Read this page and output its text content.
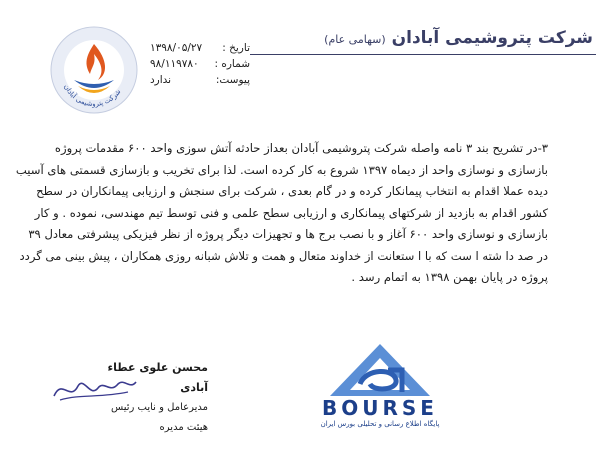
شرکت پتروشیمی آبادان
تاریخ :
۱۳۹۸/۰۵/۲۷
شماره :
۹۸/۱۱۹۷۸۰
پیوست:
ندارد
شرکت پتروشیمی آبادان (سهامی عام)

۳-در تشریح بند ۳ نامه واصله شرکت پتروشیمی آبادان بعداز حادثه آتش سوزی واحد ۶۰۰ مقدمات پروژه

بازسازی و نوسازی واحد از دیماه ۱۳۹۷ شروع به کار کرده است. لذا برای تخریب و بازسازی قسمتی های آسیب

دیده عملا اقدام به انتخاب پیمانکار کرده و در گام بعدی ، شرکت برای سنجش و ارزیابی پیمانکاران در سطح

کشور اقدام به بازدید از شرکتهای پیمانکاری و ارزیابی سطح علمی و فنی توسط تیم مهندسی، نموده . و کار

بازسازی و نوسازی واحد ۶۰۰ آغاز و با نصب برج ها و تجهیزات دیگر پروژه از نظر فیزیکی پیشرفتی معادل ۳۹

در صد دا شته ا ست که با ا ستعانت از خداوند متعال و همت و تلاش شبانه روزی همکاران ، پیش بینی می گردد

پروژه در پایان بهمن ۱۳۹۸ به اتمام رسد .

محسن علوی عطاء آبادی
مدیرعامل و نایب رئیس
هیئت مدیره
BOURSE
پایگاه اطلاع رسانی و تحلیلی بورس ایران
